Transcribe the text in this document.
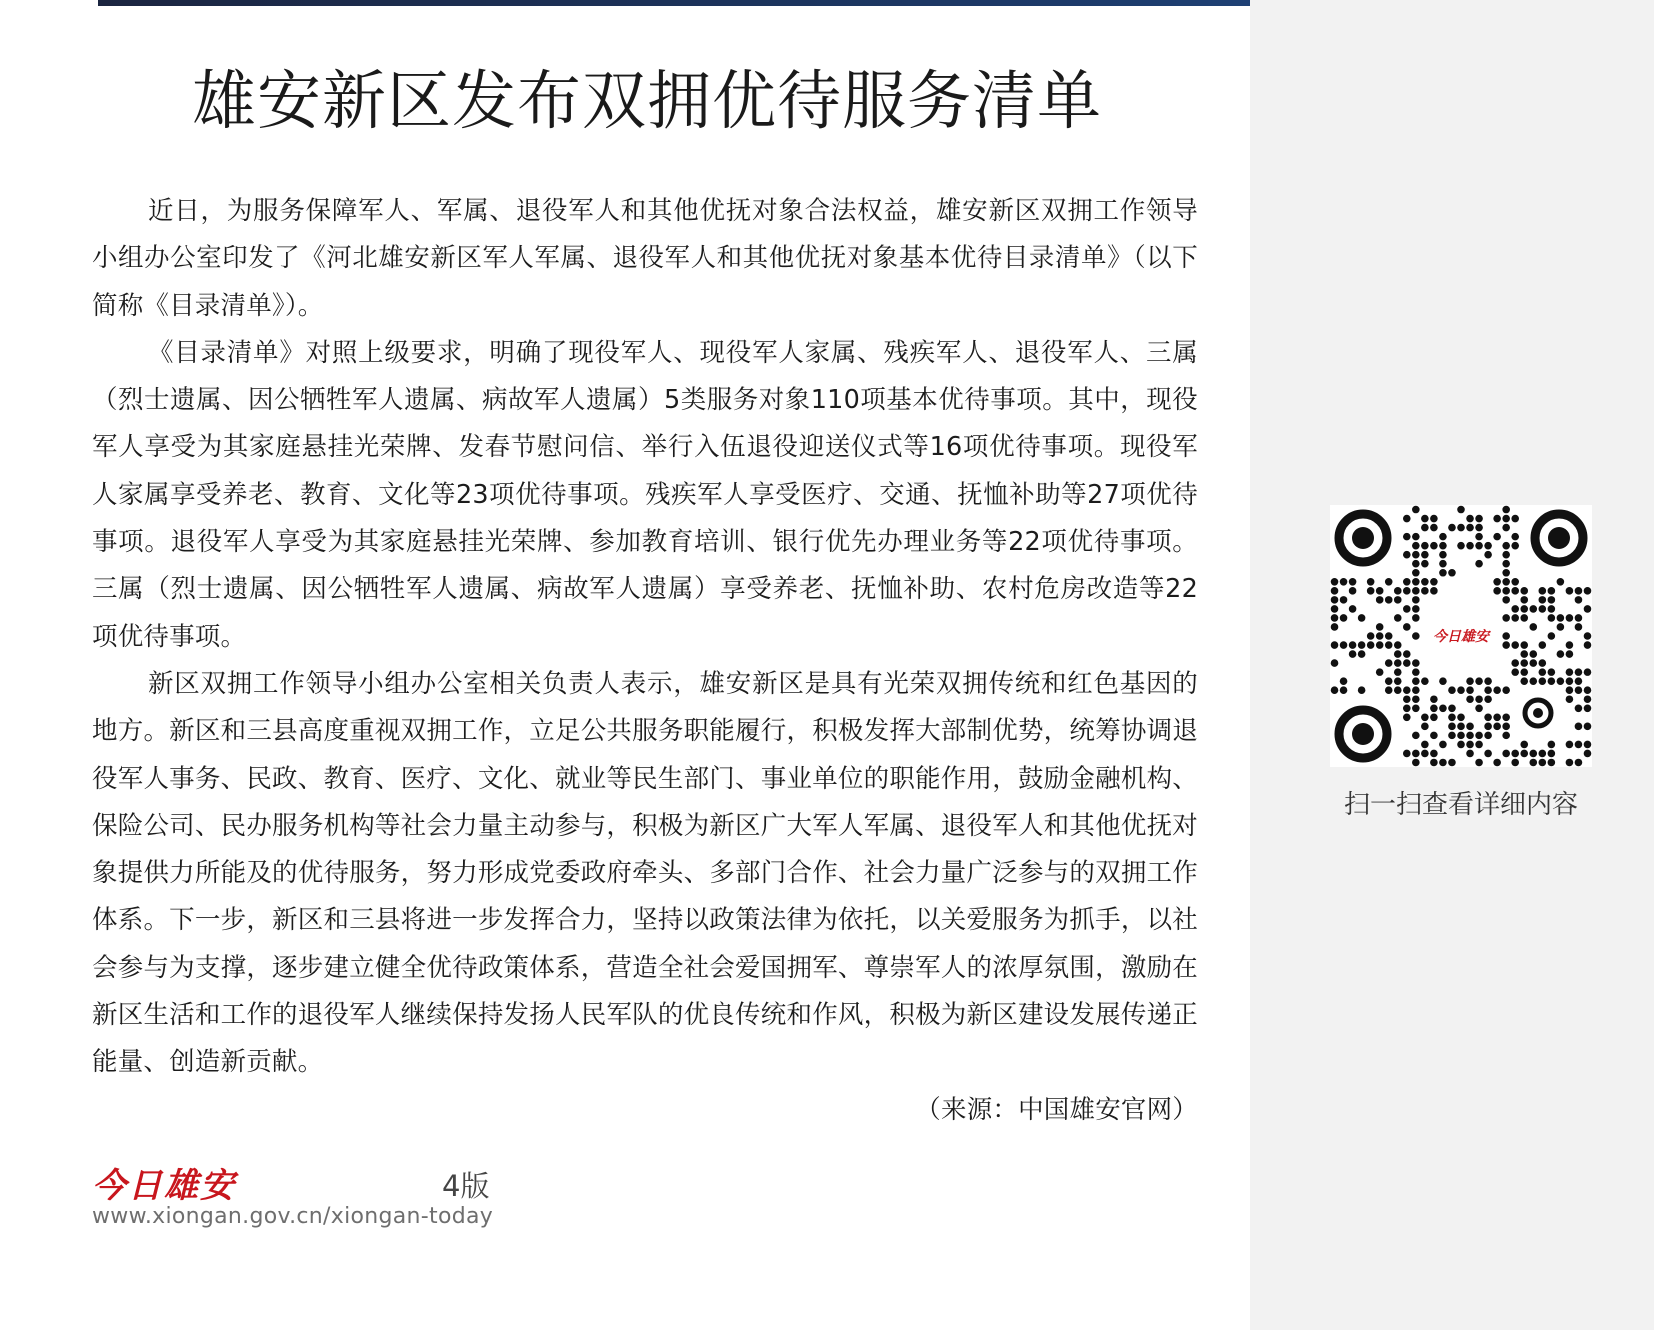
雄安新区发布双拥优待服务清单

近日，为服务保障军人、军属、退役军人和其他优抚对象合法权益，雄安新区双拥工作领导小组办公室印发了《河北雄安新区军人军属、退役军人和其他优抚对象基本优待目录清单》（以下简称《目录清单》）。

《目录清单》对照上级要求，明确了现役军人、现役军人家属、残疾军人、退役军人、三属（烈士遗属、因公牺牲军人遗属、病故军人遗属）5类服务对象110项基本优待事项。其中，现役军人享受为其家庭悬挂光荣牌、发春节慰问信、举行入伍退役迎送仪式等16项优待事项。现役军人家属享受养老、教育、文化等23项优待事项。残疾军人享受医疗、交通、抚恤补助等27项优待事项。退役军人享受为其家庭悬挂光荣牌、参加教育培训、银行优先办理业务等22项优待事项。三属（烈士遗属、因公牺牲军人遗属、病故军人遗属）享受养老、抚恤补助、农村危房改造等22项优待事项。

新区双拥工作领导小组办公室相关负责人表示，雄安新区是具有光荣双拥传统和红色基因的地方。新区和三县高度重视双拥工作，立足公共服务职能履行，积极发挥大部制优势，统筹协调退役军人事务、民政、教育、医疗、文化、就业等民生部门、事业单位的职能作用，鼓励金融机构、保险公司、民办服务机构等社会力量主动参与，积极为新区广大军人军属、退役军人和其他优抚对象提供力所能及的优待服务，努力形成党委政府牵头、多部门合作、社会力量广泛参与的双拥工作体系。下一步，新区和三县将进一步发挥合力，坚持以政策法律为依托，以关爱服务为抓手，以社会参与为支撑，逐步建立健全优待政策体系，营造全社会爱国拥军、尊崇军人的浓厚氛围，激励在新区生活和工作的退役军人继续保持发扬人民军队的优良传统和作风，积极为新区建设发展传递正能量、创造新贡献。

（来源：中国雄安官网）

今日雄安	4版
www.xiongan.gov.cn/xiongan-today
今日雄安
扫一扫查看详细内容
